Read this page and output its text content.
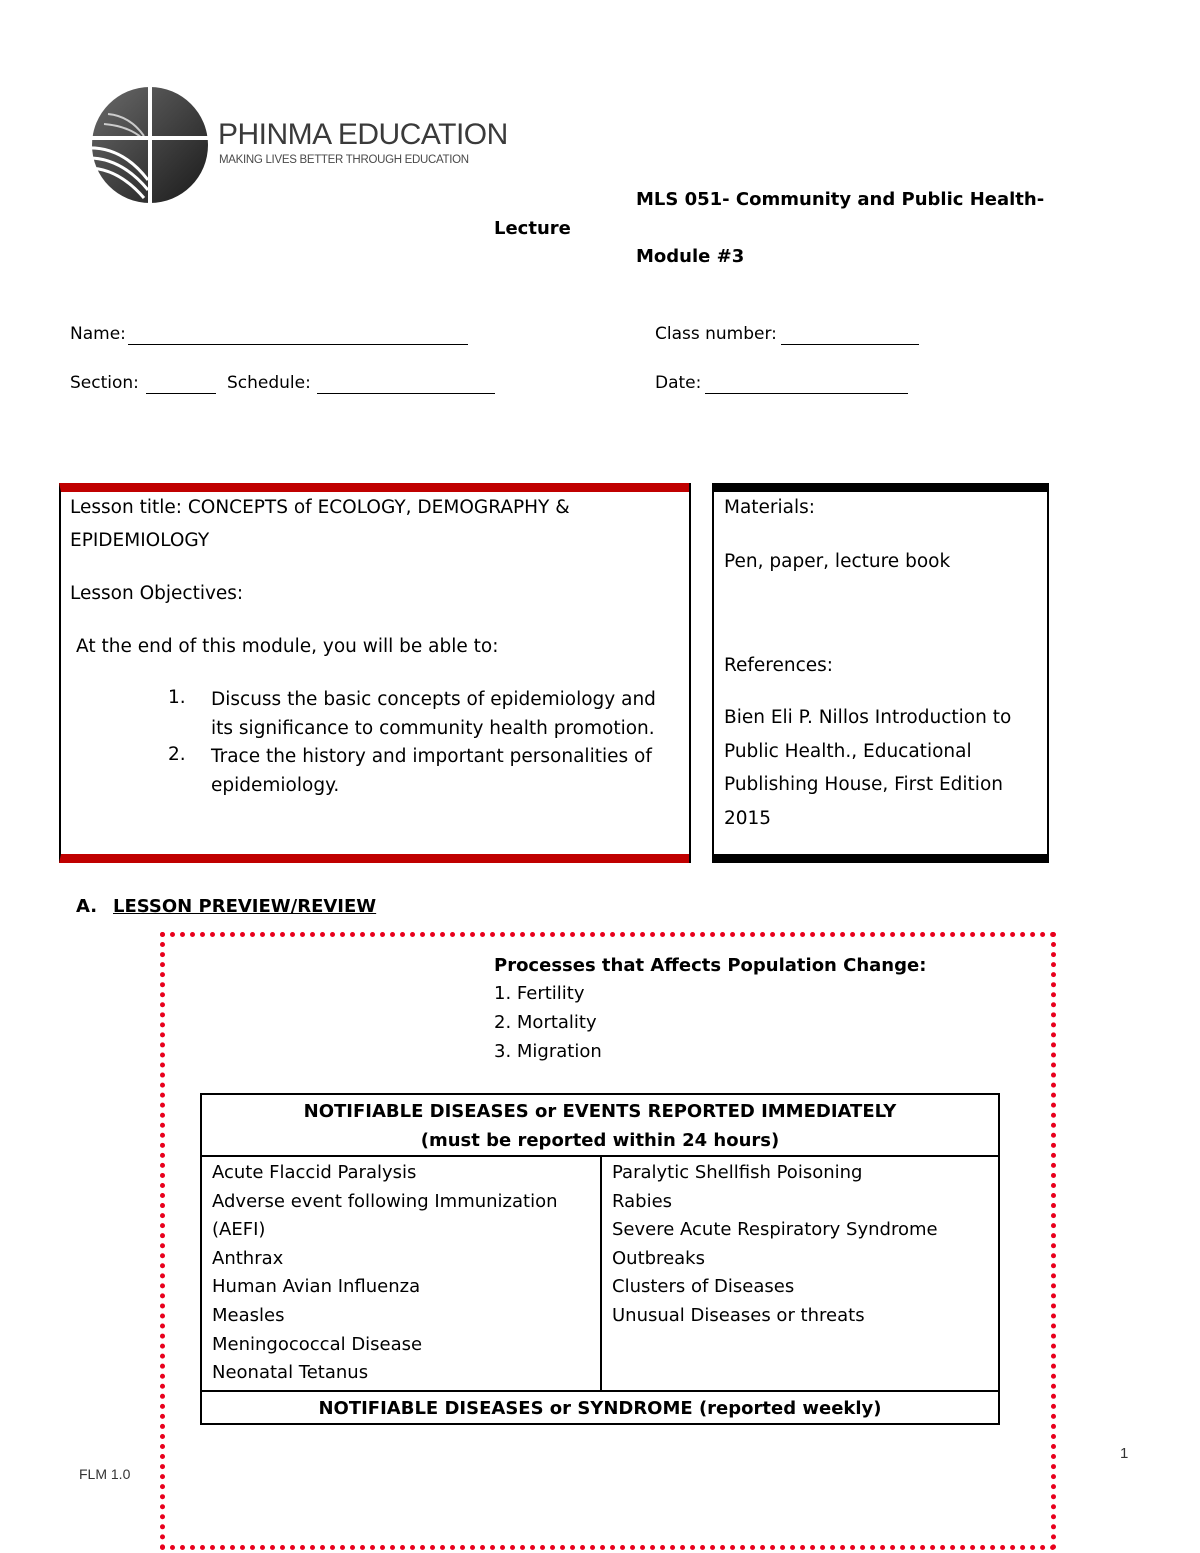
PHINMA EDUCATION
MAKING LIVES BETTER THROUGH EDUCATION
MLS 051- Community and Public Health-
Lecture
Module #3
Name:	Class number:
Section:	Schedule:	Date:
Lesson title: CONCEPTS of ECOLOGY, DEMOGRAPHY &
EPIDEMIOLOGY
Lesson Objectives:
At the end of this module, you will be able to:
1. Discuss the basic concepts of epidemiology and
its significance to community health promotion.
2. Trace the history and important personalities of
epidemiology.
Materials:
Pen, paper, lecture book
References:
Bien Eli P. Nillos Introduction to
Public Health., Educational
Publishing House, First Edition
2015
A. LESSON PREVIEW/REVIEW
Processes that Affects Population Change:
1. Fertility
2. Mortality
3. Migration
NOTIFIABLE DISEASES or EVENTS REPORTED IMMEDIATELY
(must be reported within 24 hours)

Acute Flaccid Paralysis
Adverse event following Immunization
(AEFI)
Anthrax
Human Avian Influenza
Measles
Meningococcal Disease
Neonatal Tetanus

Paralytic Shellfish Poisoning
Rabies
Severe Acute Respiratory Syndrome
Outbreaks
Clusters of Diseases
Unusual Diseases or threats

NOTIFIABLE DISEASES or SYNDROME (reported weekly)
FLM 1.0
1
